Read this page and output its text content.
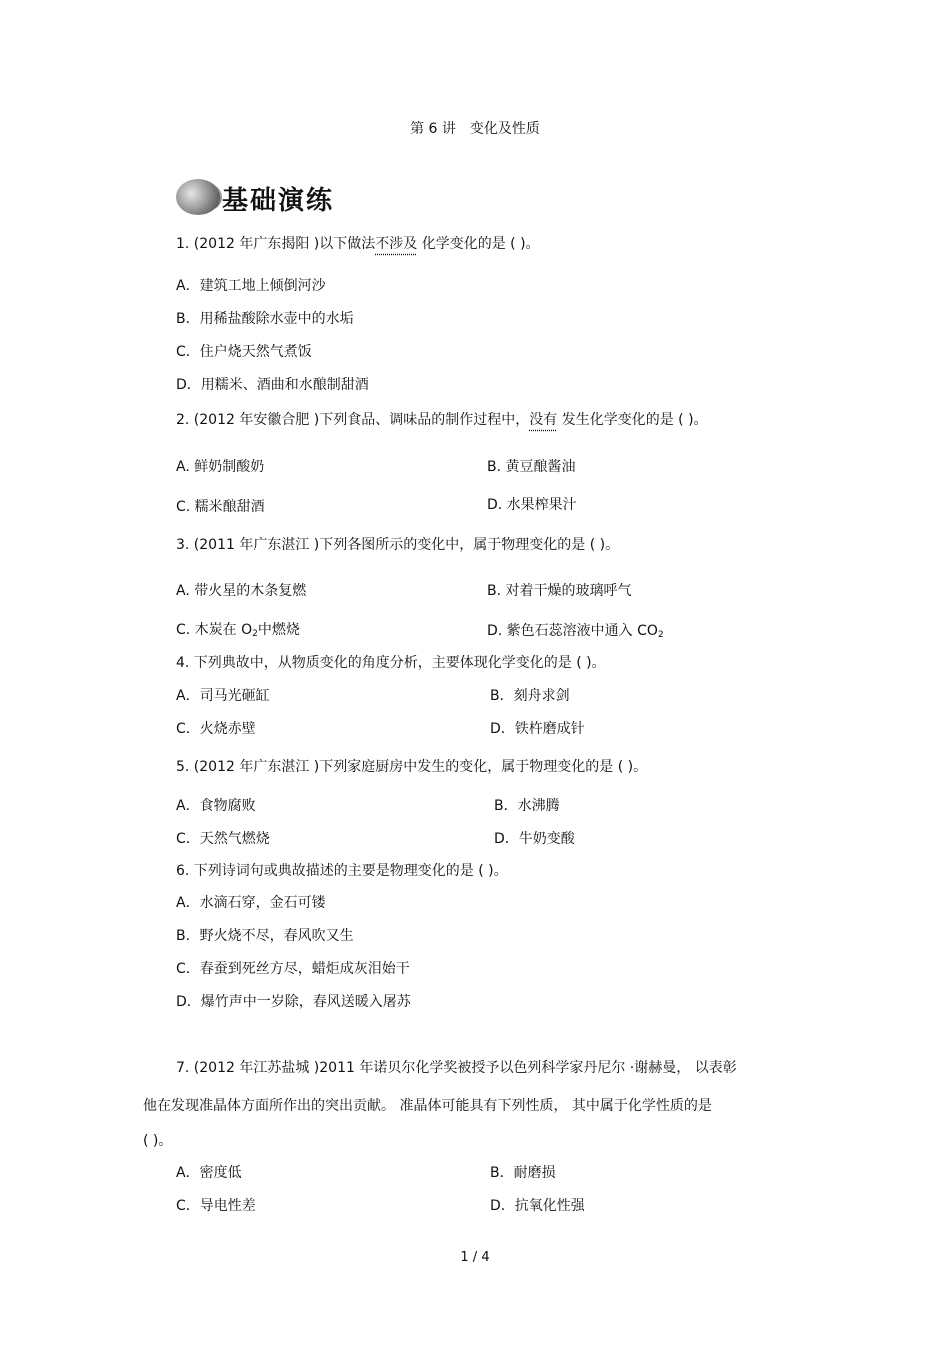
第 6 讲　变化及性质
基础演练
1. (2012 年广东揭阳 )以下做法不涉及 化学变化的是 ( )。
A．建筑工地上倾倒河沙
B．用稀盐酸除水壶中的水垢
C．住户烧天然气煮饭
D．用糯米、酒曲和水酿制甜酒
2. (2012 年安徽合肥 )下列食品、调味品的制作过程中，没有 发生化学变化的是 ( )。
A. 鲜奶制酸奶	B. 黄豆酿酱油
C. 糯米酿甜酒	D. 水果榨果汁
3. (2011 年广东湛江 )下列各图所示的变化中，属于物理变化的是 ( )。
A. 带火星的木条复燃	B. 对着干燥的玻璃呼气
C. 木炭在 $O_2$中燃烧	D. 紫色石蕊溶液中通入 $CO_2$
4. 下列典故中，从物质变化的角度分析，主要体现化学变化的是 ( )。
A．司马光砸缸	B．刻舟求剑
C．火烧赤壁	D．铁杵磨成针
5. (2012 年广东湛江 )下列家庭厨房中发生的变化，属于物理变化的是 ( )。
A．食物腐败	B．水沸腾
C．天然气燃烧	D．牛奶变酸
6. 下列诗词句或典故描述的主要是物理变化的是 ( )。
A．水滴石穿，金石可镂
B．野火烧不尽，春风吹又生
C．春蚕到死丝方尽，蜡炬成灰泪始干
D．爆竹声中一岁除，春风送暖入屠苏
7. (2012 年江苏盐城 )2011 年诺贝尔化学奖被授予以色列科学家丹尼尔 ·谢赫曼， 以表彰
他在发现准晶体方面所作出的突出贡献。 准晶体可能具有下列性质， 其中属于化学性质的是
( )。
A．密度低	B．耐磨损
C．导电性差	D．抗氧化性强
1 / 4
